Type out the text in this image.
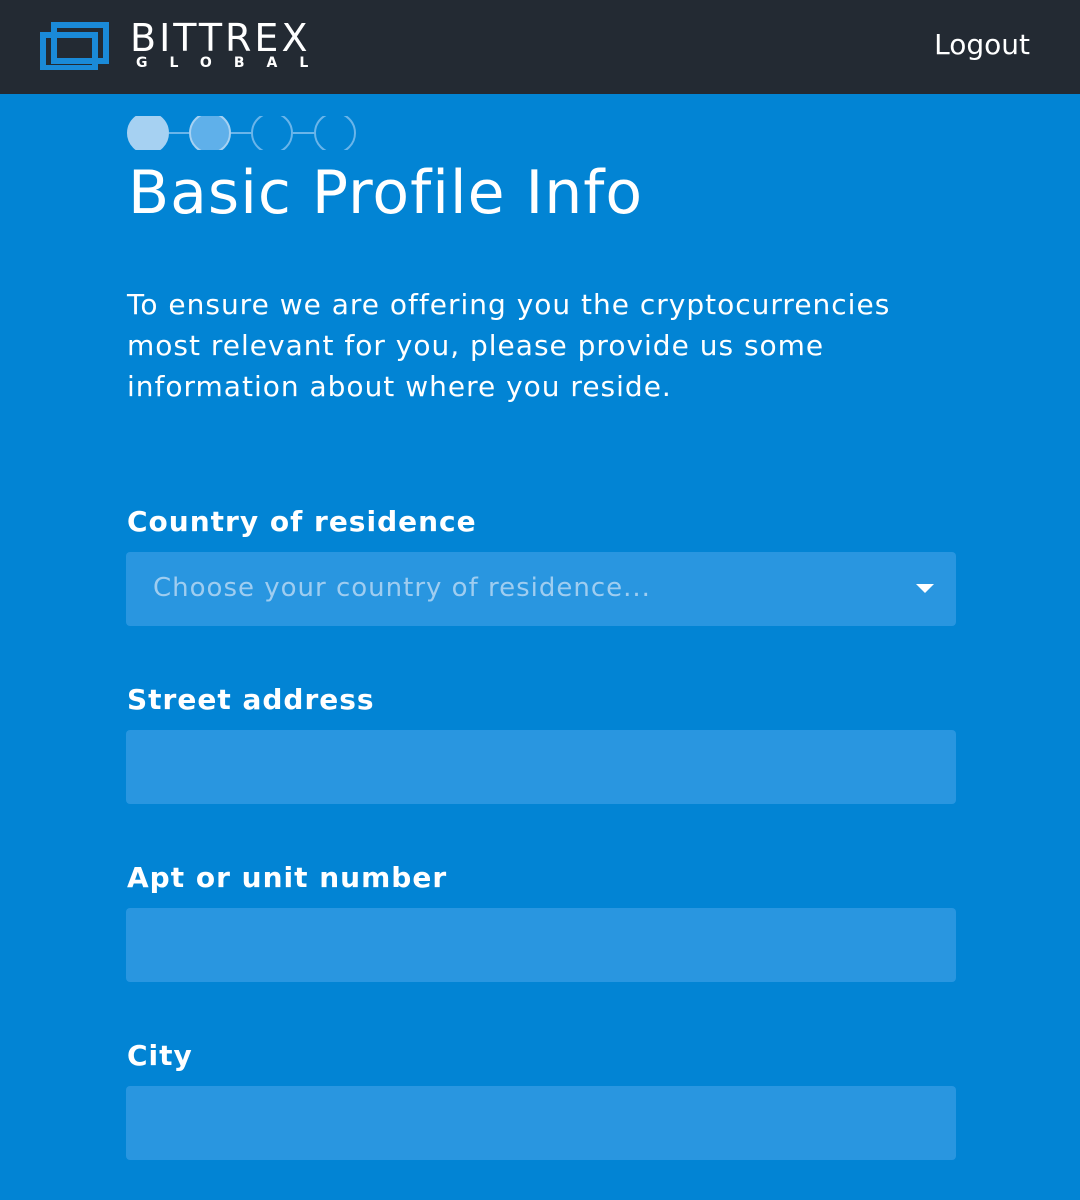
BITTREX
GLOBAL
Logout
Basic Profile Info

To ensure we are offering you the cryptocurrencies most relevant for you, please provide us some information about where you reside.

Country of residence
Choose your country of residence...
Street address
Apt or unit number
City
